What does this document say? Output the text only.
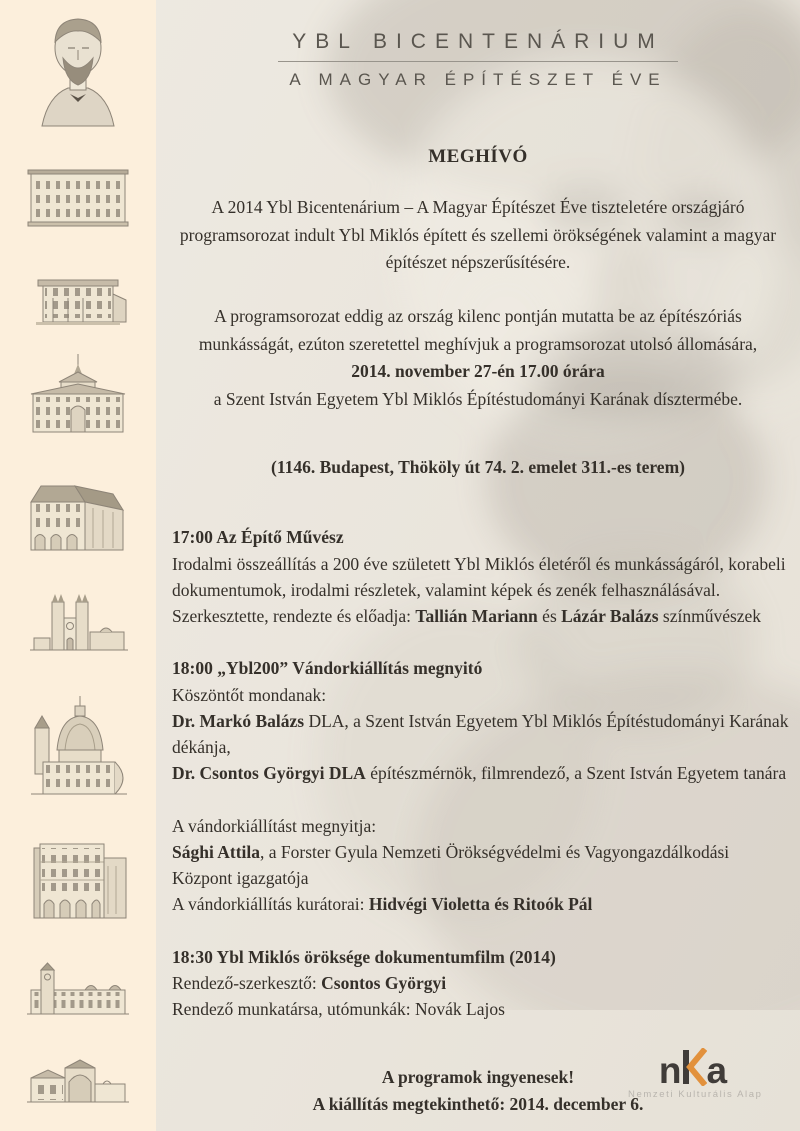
YBL BICENTENÁRIUM
A MAGYAR ÉPÍTÉSZET ÉVE
MEGHÍVÓ

A 2014 Ybl Bicentenárium – A Magyar Építészet Éve tiszteletére országjáró programsorozat indult Ybl Miklós épített és szellemi örökségének valamint a magyar építészet népszerűsítésére.

A programsorozat eddig az ország kilenc pontján mutatta be az építészóriás munkásságát, ezúton szeretettel meghívjuk a programsorozat utolsó állomására,

2014. november 27-én 17.00 órára
a Szent István Egyetem Ybl Miklós Építéstudományi Karának dísztermébe.
(1146. Budapest, Thököly út 74. 2. emelet 311.-es terem)
17:00 Az Építő Művész
Irodalmi összeállítás a 200 éve született Ybl Miklós életéről és munkásságáról, korabeli dokumentumok, irodalmi részletek, valamint képek és zenék felhasználásával.
Szerkesztette, rendezte és előadja: Tallián Mariann és Lázár Balázs színművészek
18:00 „Ybl200” Vándorkiállítás megnyitó
Köszöntőt mondanak:
Dr. Markó Balázs DLA, a Szent István Egyetem Ybl Miklós Építéstudományi Karának dékánja,
Dr. Csontos Györgyi DLA építészmérnök, filmrendező, a Szent István Egyetem tanára
A vándorkiállítást megnyitja:
Sághi Attila, a Forster Gyula Nemzeti Örökségvédelmi és Vagyongazdálkodási Központ igazgatója
A vándorkiállítás kurátorai: Hidvégi Violetta és Ritoók Pál
18:30 Ybl Miklós öröksége dokumentumfilm (2014)
Rendező-szerkesztő: Csontos Györgyi
Rendező munkatársa, utómunkák: Novák Lajos
A programok ingyenesek!
A kiállítás megtekinthető: 2014. december 6.
n a
Nemzeti Kulturális Alap
